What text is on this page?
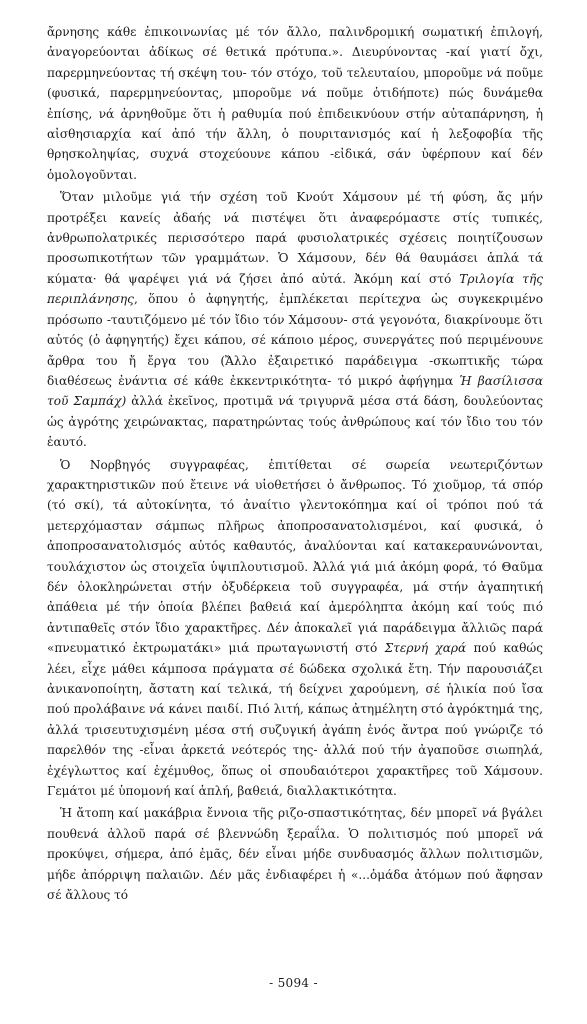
ἄρνησης κάθε ἐπικοινωνίας μέ τόν ἄλλο, παλινδρομική σωματική ἐπιλογή, ἀναγορεύονται ἀδίκως σέ θετικά πρότυπα.». Διευρύνοντας -καί γιατί ὄχι, παρερμηνεύοντας τή σκέψη του- τόν στόχο, τοῦ τελευταίου, μποροῦμε νά ποῦμε (φυσικά, παρερμηνεύοντας, μποροῦμε νά ποῦμε ὁτιδήποτε) πώς δυνάμεθα ἐπίσης, νά ἀρνηθοῦμε ὅτι ἡ ραθυμία πού ἐπιδεικνύουν στήν αὐταπάρνηση, ἡ αἰσθησιαρχία καί ἀπό τήν ἄλλη, ὁ πουριτανισμός καί ἡ λεξοφοβία τῆς θρησκοληψίας, συχνά στοχεύουνε κάπου -εἰδικά, σάν ὑφέρπουν καί δέν ὁμολογοῦνται.

Ὅταν μιλοῦμε γιά τήν σχέση τοῦ Κνούτ Χάμσουν μέ τή φύση, ἄς μήν προτρέξει κανείς ἀδαής νά πιστέψει ὅτι ἀναφερόμαστε στίς τυπικές, ἀνθρωπολατρικές περισσότερο παρά φυσιολατρικές σχέσεις ποιητίζουσων προσωπικοτήτων τῶν γραμμάτων. Ὁ Χάμσουν, δέν θά θαυμάσει ἁπλά τά κύματα· θά ψαρέψει γιά νά ζήσει ἀπό αὐτά. Ἀκόμη καί στό Τριλογία τῆς περιπλάνησης, ὅπου ὁ ἀφηγητής, ἐμπλέκεται περίτεχνα ὡς συγκεκριμένο πρόσωπο -ταυτιζόμενο μέ τόν ἴδιο τόν Χάμσουν- στά γεγονότα, διακρίνουμε ὅτι αὐτός (ὁ ἀφηγητής) ἔχει κάπου, σέ κάποιο μέρος, συνεργάτες πού περιμένουνε ἄρθρα του ἤ ἔργα του (Ἄλλο ἐξαιρετικό παράδειγμα -σκωπτικῆς τώρα διαθέσεως ἐνάντια σέ κάθε ἐκκεντρικότητα- τό μικρό ἀφήγημα Ἡ βασίλισσα τοῦ Σαμπάχ) ἀλλά ἐκεῖνος, προτιμᾶ νά τριγυρνᾶ μέσα στά δάση, δουλεύοντας ὡς ἀγρότης χειρώνακτας, παρατηρώντας τούς ἀνθρώπους καί τόν ἴδιο του τόν ἑαυτό.

Ὁ Νορβηγός συγγραφέας, ἐπιτίθεται σέ σωρεία νεωτεριζόντων χαρακτηριστικῶν πού ἔτεινε νά υἱοθετήσει ὁ ἄνθρωπος. Τό χιοῦμορ, τά σπόρ (τό σκί), τά αὐτοκίνητα, τό ἀναίτιο γλεντοκόπημα καί οἱ τρόποι πού τά μετερχόμασταν σάμπως πλῆρως ἀποπροσανατολισμένοι, καί φυσικά, ὁ ἀποπροσανατολισμός αὐτός καθαυτός, ἀναλύονται καί κατακεραυνώνονται, τουλάχιστον ὡς στοιχεῖα ὑψιπλουτισμοῦ. Ἀλλά γιά μιά ἀκόμη φορά, τό Θαῦμα δέν ὁλοκληρώνεται στήν ὀξυδέρκεια τοῦ συγγραφέα, μά στήν ἀγαπητική ἀπάθεια μέ τήν ὁποία βλέπει βαθειά καί ἀμερόληπτα ἀκόμη καί τούς πιό ἀντιπαθεῖς στόν ἴδιο χαρακτῆρες. Δέν ἀποκαλεῖ γιά παράδειγμα ἄλλιῶς παρά «πνευματικό ἐκτρωματάκι» μιά πρωταγωνιστή στό Στερνή χαρά πού καθώς λέει, εἶχε μάθει κάμποσα πράγματα σέ δώδεκα σχολικά ἔτη. Τήν παρουσιάζει ἀνικανοποίητη, ἄστατη καί τελικά, τή δείχνει χαρούμενη, σέ ἡλικία πού ἴσα πού προλάβαινε νά κάνει παιδί. Πιό λιτή, κάπως ἀτημέλητη στό ἀγρόκτημά της, ἀλλά τρισευτυχισμένη μέσα στή συζυγική ἀγάπη ἑνός ἄντρα πού γνώριζε τό παρελθόν της -εἶναι ἀρκετά νεότερός της- ἀλλά πού τήν ἀγαποῦσε σιωπηλά, ἐχέγλωττος καί ἐχέμυθος, ὅπως οἱ σπουδαιότεροι χαρακτῆρες τοῦ Χάμσουν. Γεμάτοι μέ ὑπομονή καί ἁπλή, βαθειά, διαλλακτικότητα.

Ἡ ἄτοπη καί μακάβρια ἔννοια τῆς ριζο-σπαστικότητας, δέν μπορεῖ νά βγάλει πουθενά ἀλλοῦ παρά σέ βλεννώδη ξεραΐλα. Ὁ πολιτισμός πού μπορεῖ νά προκύψει, σήμερα, ἀπό ἐμᾶς, δέν εἶναι μήδε συνδυασμός ἄλλων πολιτισμῶν, μήδε ἀπόρριψη παλαιῶν. Δέν μᾶς ἐνδιαφέρει ἡ «...ὁμάδα ἀτόμων πού ἄφησαν σέ ἄλλους τό

- 5094 -
